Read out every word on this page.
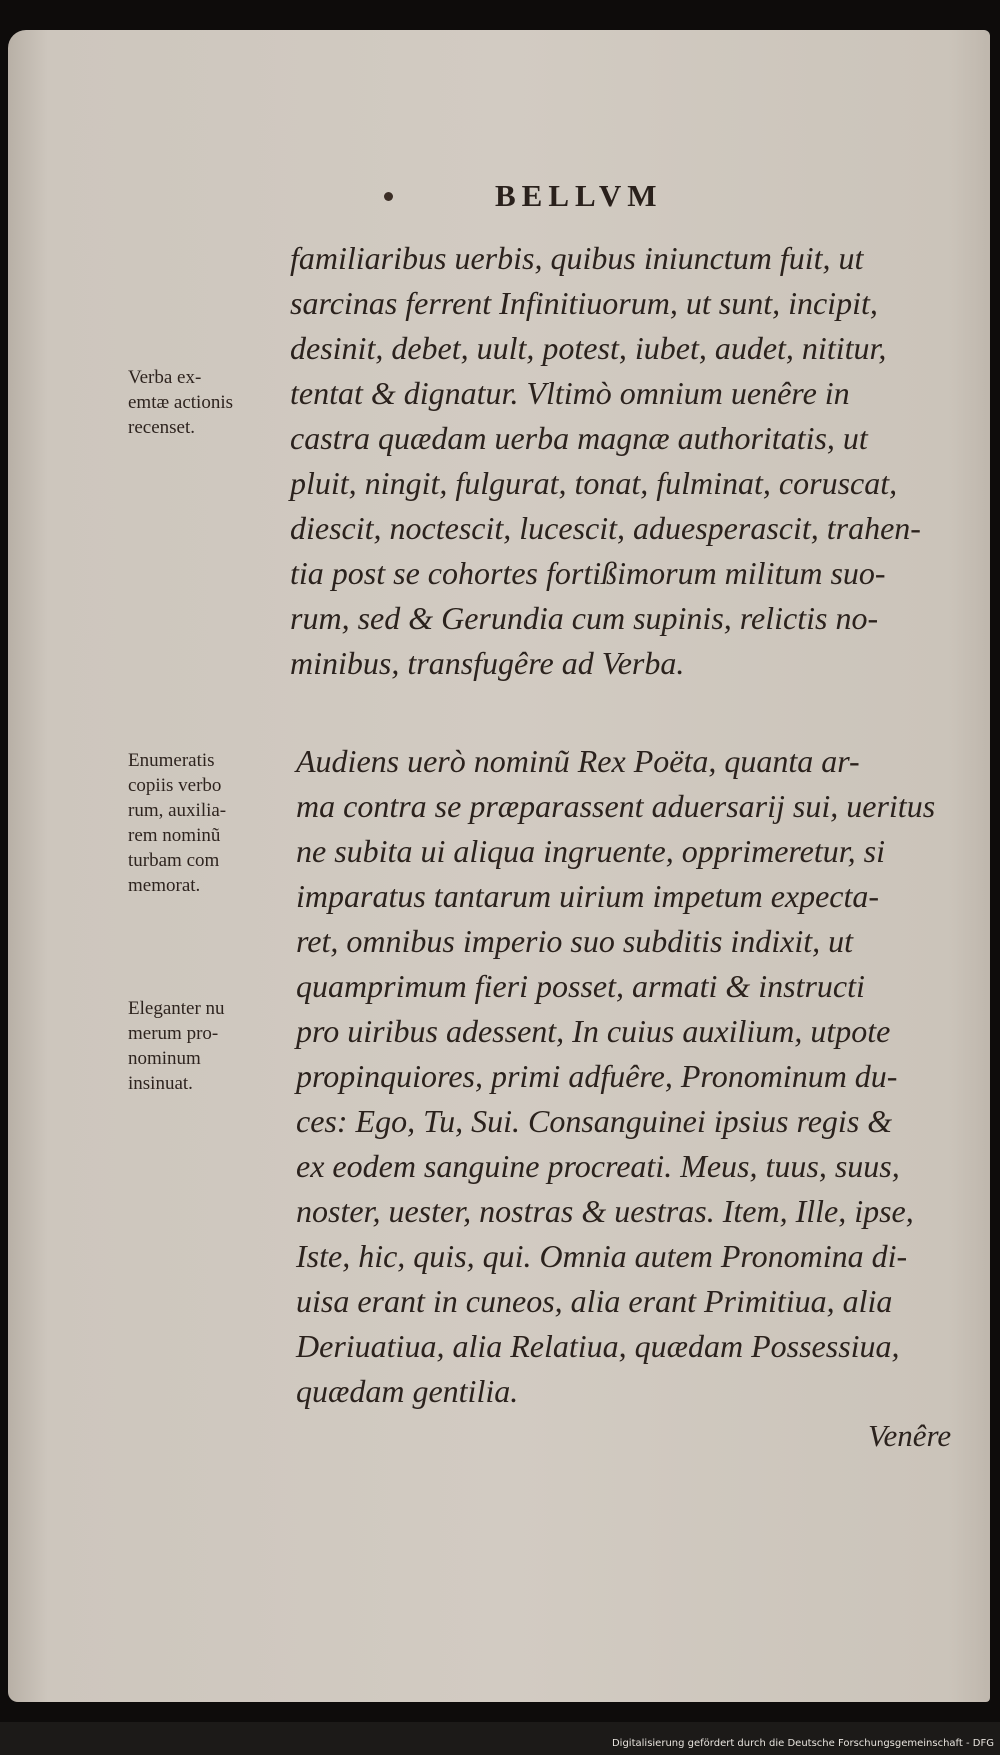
BELLVM
familiaribus uerbis, quibus iniunctum fuit, ut
sarcinas ferrent Infinitiuorum, ut sunt, incipit,
desinit, debet, uult, potest, iubet, audet, nititur,
tentat & dignatur. Vltimò omnium uenêre in
castra quædam uerba magnæ authoritatis, ut
pluit, ningit, fulgurat, tonat, fulminat, coruscat,
diescit, noctescit, lucescit, aduesperascit, trahen-
tia post se cohortes fortißimorum militum suo-
rum, sed & Gerundia cum supinis, relictis no-
minibus, transfugêre ad Verba.
Audiens uerò nominũ Rex Poëta, quanta ar-
ma contra se præparassent aduersarij sui, ueritus
ne subita ui aliqua ingruente, opprimeretur, si
imparatus tantarum uirium impetum expecta-
ret, omnibus imperio suo subditis indixit, ut
quamprimum fieri posset, armati & instructi
pro uiribus adessent, In cuius auxilium, utpote
propinquiores, primi adfuêre, Pronominum du-
ces: Ego, Tu, Sui. Consanguinei ipsius regis &
ex eodem sanguine procreati. Meus, tuus, suus,
noster, uester, nostras & uestras. Item, Ille, ipse,
Iste, hic, quis, qui. Omnia autem Pronomina di-
uisa erant in cuneos, alia erant Primitiua, alia
Deriuatiua, alia Relatiua, quædam Possessiua,
quædam gentilia.
Verba ex-
emtæ actionis
recenset.
Enumeratis
copiis verbo
rum, auxilia-
rem nominũ
turbam com
memorat.
Eleganter nu
merum pro-
nominum
insinuat.
Venêre
Digitalisierung gefördert durch die Deutsche Forschungsgemeinschaft - DFG
